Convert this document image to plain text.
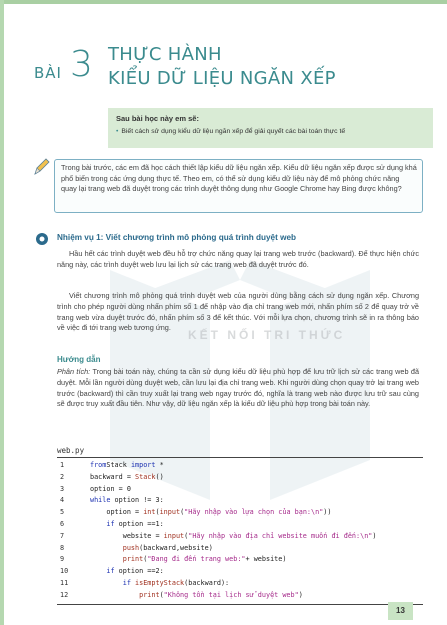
KẾT NỐI TRI THỨC
BÀI 3 THỰC HÀNH
KIỂU DỮ LIỆU NGĂN XẾP
Sau bài học này em sẽ:
• Biết cách sử dụng kiểu dữ liệu ngăn xếp để giải quyết các bài toán thực tế
Trong bài trước, các em đã học cách thiết lập kiểu dữ liệu ngăn xếp. Kiểu dữ liệu ngăn xếp được sử dụng khá phổ biến trong các ứng dụng thực tế. Theo em, có thể sử dụng kiểu dữ liệu này để mô phỏng chức năng quay lại trang web đã duyệt trong các trình duyệt thông dụng như Google Chrome hay Bing được không?
Nhiệm vụ 1: Viết chương trình mô phỏng quá trình duyệt web
Hầu hết các trình duyệt web đều hỗ trợ chức năng quay lại trang web trước (backward). Để thực hiện chức năng này, các trình duyệt web lưu lại lịch sử các trang web đã duyệt trước đó.
Viết chương trình mô phỏng quá trình duyệt web của người dùng bằng cách sử dụng ngăn xếp. Chương trình cho phép người dùng nhấn phím số 1 để nhập vào địa chỉ trang web mới, nhấn phím số 2 để quay trở về trang web vừa duyệt trước đó, nhấn phím số 3 để kết thúc. Với mỗi lựa chọn, chương trình sẽ in ra thông báo về việc đi tới trang web tương ứng.
Hướng dẫn
Phân tích: Trong bài toán này, chúng ta cần sử dụng kiểu dữ liệu phù hợp để lưu trữ lịch sử các trang web đã duyệt. Mỗi lần người dùng duyệt web, cần lưu lại địa chỉ trang web. Khi người dùng chọn quay trở lại trang web trước (backward) thì cần truy xuất lại trang web ngay trước đó, nghĩa là trang web nào được lưu trữ sau cùng sẽ được truy xuất đầu tiên. Như vậy, dữ liệu ngăn xếp là kiểu dữ liệu phù hợp trong bài toán này.
web.py
1	fromStack import *
2	backward = Stack()
3	option = 0
4	while option != 3:
5	option = int(input("Hãy nhập vào lựa chọn của bạn:\n"))
6	if option ==1:
7	website = input("Hãy nhập vào địa chỉ website muốn đi đến:\n")
8	push(backward,website)
9	print("Đang đi đến trang web:"+ website)
10	if option ==2:
11	if isEmptyStack(backward):
12	print("Không tồn tại lịch sử duyệt web")
13
